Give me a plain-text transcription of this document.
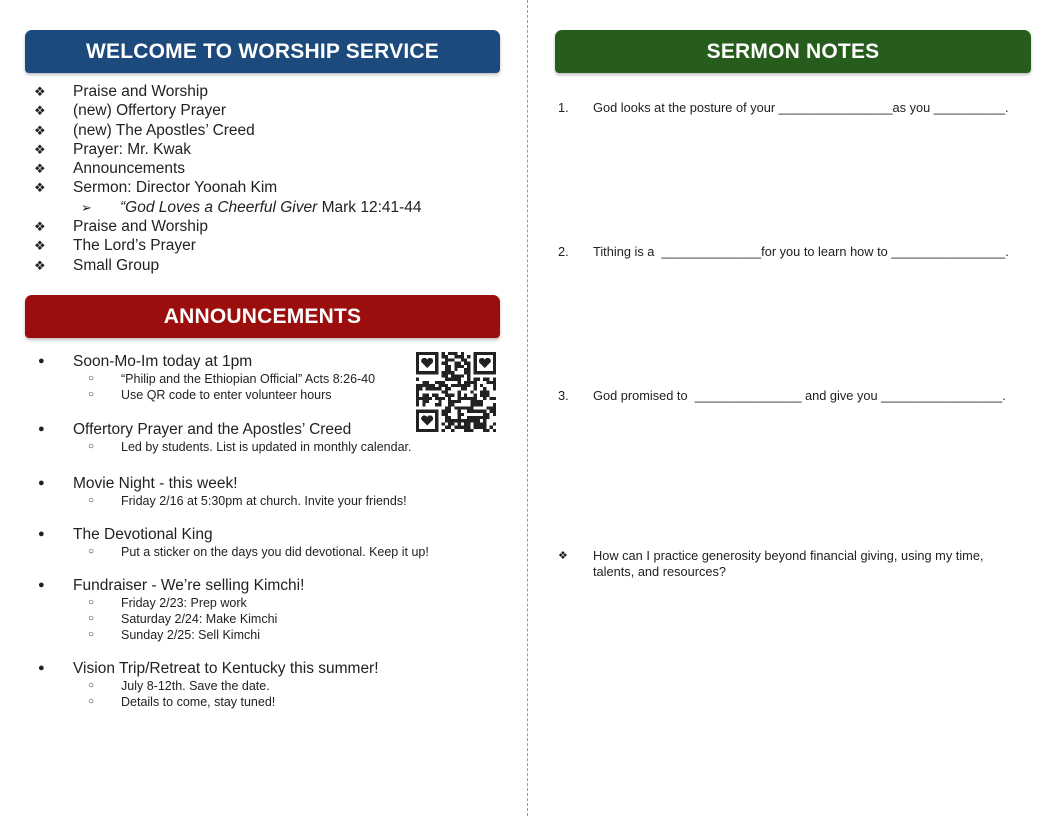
WELCOME TO WORSHIP SERVICE
❖	Praise and Worship
❖	(new) Offertory Prayer
❖	(new) The Apostles’ Creed
❖	Prayer: Mr. Kwak
❖	Announcements
❖	Sermon: Director Yoonah Kim
➢	“God Loves a Cheerful Giver Mark 12:41-44
❖	Praise and Worship
❖	The Lord’s Prayer
❖	Small Group
ANNOUNCEMENTS
●	Soon-Mo-Im today at 1pm
○	“Philip and the Ethiopian Official” Acts 8:26-40
○	Use QR code to enter volunteer hours
●	Offertory Prayer and the Apostles’ Creed
○	Led by students. List is updated in monthly calendar.
●	Movie Night - this week!
○	Friday 2/16 at 5:30pm at church. Invite your friends!
●	The Devotional King
○	Put a sticker on the days you did devotional. Keep it up!
●	Fundraiser - We’re selling Kimchi!
○	Friday 2/23: Prep work
○	Saturday 2/24: Make Kimchi
○	Sunday 2/25: Sell Kimchi
●	Vision Trip/Retreat to Kentucky this summer!
○	July 8-12th. Save the date.
○	Details to come, stay tuned!
SERMON NOTES
1.	God looks at the posture of your ________________as you __________.
2.	Tithing is a  ______________for you to learn how to ________________.
3.	God promised to  _______________ and give you _________________.
❖	How can I practice generosity beyond financial giving, using my time, talents, and resources?
